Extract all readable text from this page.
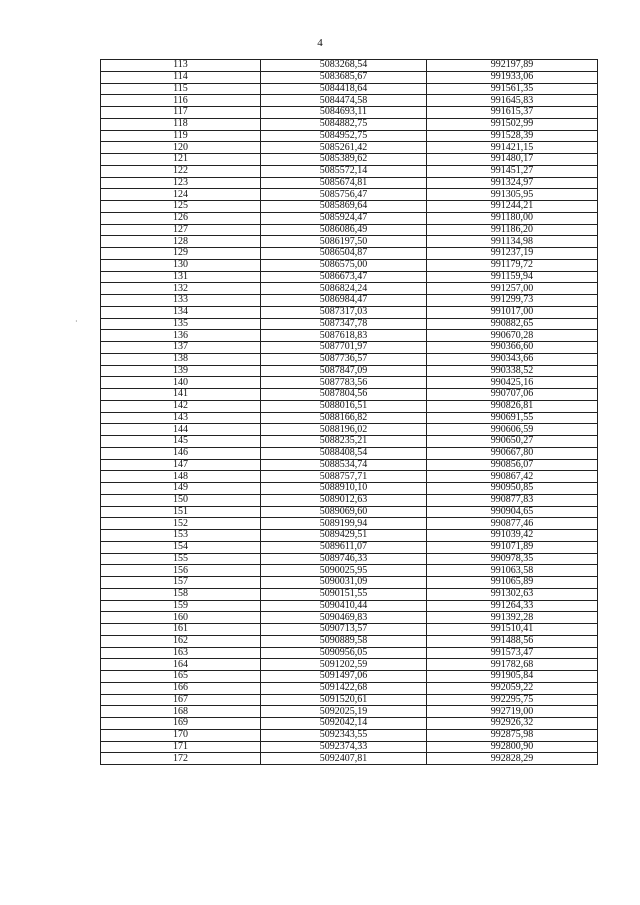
4
·
113	5083268,54	992197,89
114	5083685,67	991933,06
115	5084418,64	991561,35
116	5084474,58	991645,83
117	5084693,11	991615,37
118	5084882,75	991502,99
119	5084952,75	991528,39
120	5085261,42	991421,15
121	5085389,62	991480,17
122	5085572,14	991451,27
123	5085674,81	991324,97
124	5085756,47	991305,95
125	5085869,64	991244,21
126	5085924,47	991180,00
127	5086086,49	991186,20
128	5086197,50	991134,98
129	5086504,87	991237,19
130	5086575,00	991179,72
131	5086673,47	991159,94
132	5086824,24	991257,00
133	5086984,47	991299,73
134	5087317,03	991017,00
135	5087347,78	990882,65
136	5087618,83	990670,28
137	5087701,97	990366,60
138	5087736,57	990343,66
139	5087847,09	990338,52
140	5087783,56	990425,16
141	5087804,56	990707,06
142	5088016,51	990826,81
143	5088166,82	990691,55
144	5088196,02	990606,59
145	5088235,21	990650,27
146	5088408,54	990667,80
147	5088534,74	990856,07
148	5088757,71	990867,42
149	5088910,10	990950,85
150	5089012,63	990877,83
151	5089069,60	990904,65
152	5089199,94	990877,46
153	5089429,51	991039,42
154	5089611,07	991071,89
155	5089746,33	990978,35
156	5090025,95	991063,58
157	5090031,09	991065,89
158	5090151,55	991302,63
159	5090410,44	991264,33
160	5090469,83	991392,28
161	5090713,57	991510,41
162	5090889,58	991488,56
163	5090956,05	991573,47
164	5091202,59	991782,68
165	5091497,06	991905,84
166	5091422,68	992059,22
167	5091520,61	992295,75
168	5092025,19	992719,00
169	5092042,14	992926,32
170	5092343,55	992875,98
171	5092374,33	992800,90
172	5092407,81	992828,29
